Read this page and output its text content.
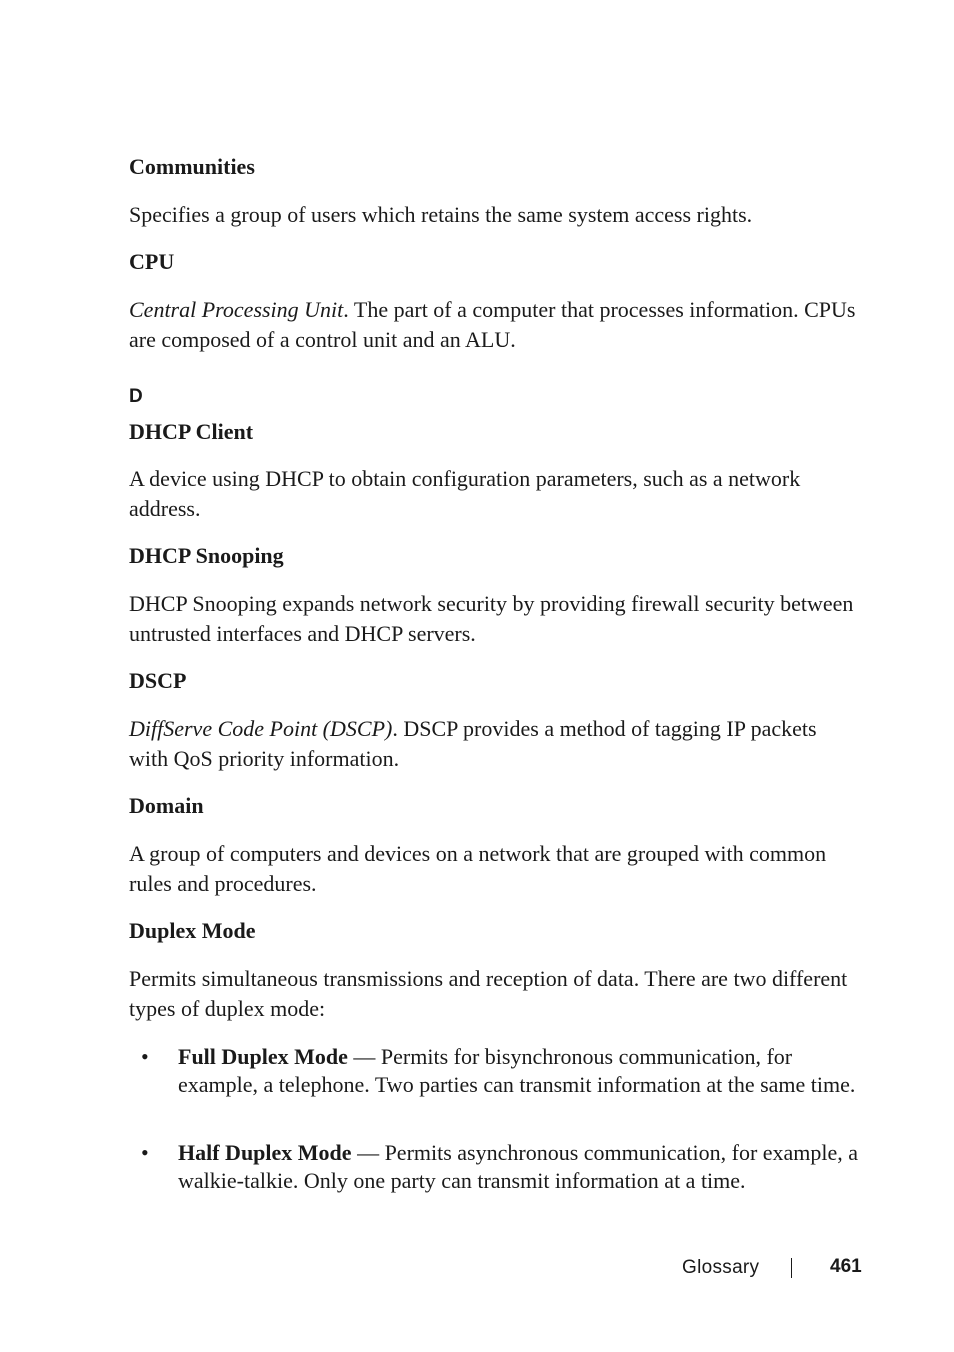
Communities
Specifies a group of users which retains the same system access rights.
CPU
Central Processing Unit. The part of a computer that processes information. CPUs are composed of a control unit and an ALU.
D
DHCP Client
A device using DHCP to obtain configuration parameters, such as a network address.
DHCP Snooping
DHCP Snooping expands network security by providing firewall security between untrusted interfaces and DHCP servers.
DSCP
DiffServe Code Point (DSCP). DSCP provides a method of tagging IP packets with QoS priority information.
Domain
A group of computers and devices on a network that are grouped with common rules and procedures.
Duplex Mode
Permits simultaneous transmissions and reception of data. There are two different types of duplex mode:
• Full Duplex Mode — Permits for bisynchronous communication, for example, a telephone. Two parties can transmit information at the same time.
• Half Duplex Mode — Permits asynchronous communication, for example, a walkie-talkie. Only one party can transmit information at a time.
Glossary	461
